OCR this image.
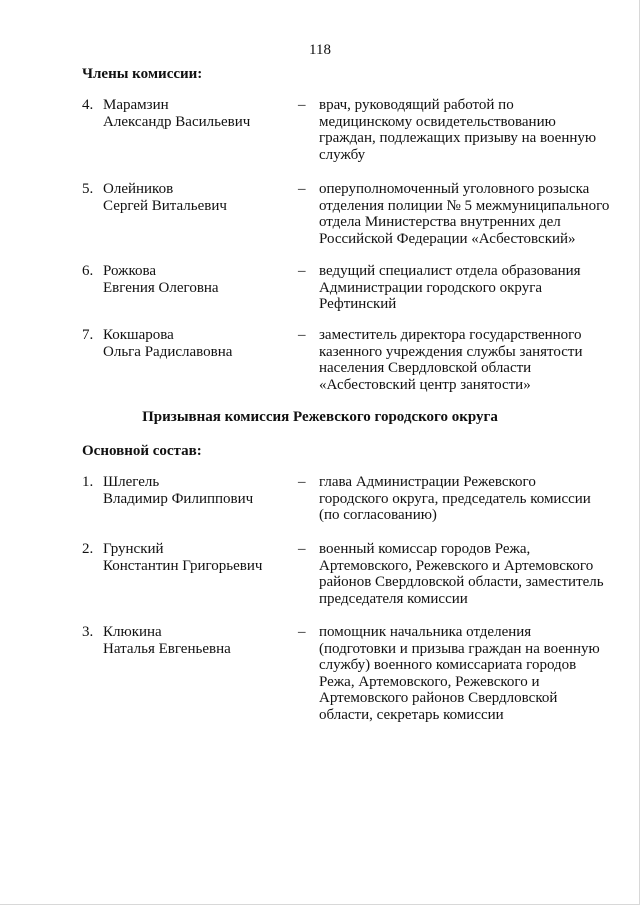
118
Члены комиссии:
4. Марамзин
Александр Васильевич
– врач, руководящий работой по
медицинскому освидетельствованию
граждан, подлежащих призыву на военную
службу
5. Олейников
Сергей Витальевич
– оперуполномоченный уголовного розыска
отделения полиции № 5 межмуниципального
отдела Министерства внутренних дел
Российской Федерации «Асбестовский»
6. Рожкова
Евгения Олеговна
– ведущий специалист отдела образования
Администрации городского округа
Рефтинский
7. Кокшарова
Ольга Радиславовна
– заместитель директора государственного
казенного учреждения службы занятости
населения Свердловской области
«Асбестовский центр занятости»
Призывная комиссия Режевского городского округа
Основной состав:
1. Шлегель
Владимир Филиппович
– глава Администрации Режевского
городского округа, председатель комиссии
(по согласованию)
2. Грунский
Константин Григорьевич
– военный комиссар городов Режа,
Артемовского, Режевского и Артемовского
районов Свердловской области, заместитель
председателя комиссии
3. Клюкина
Наталья Евгеньевна
– помощник начальника отделения
(подготовки и призыва граждан на военную
службу) военного комиссариата городов
Режа, Артемовского, Режевского и
Артемовского районов Свердловской
области, секретарь комиссии
